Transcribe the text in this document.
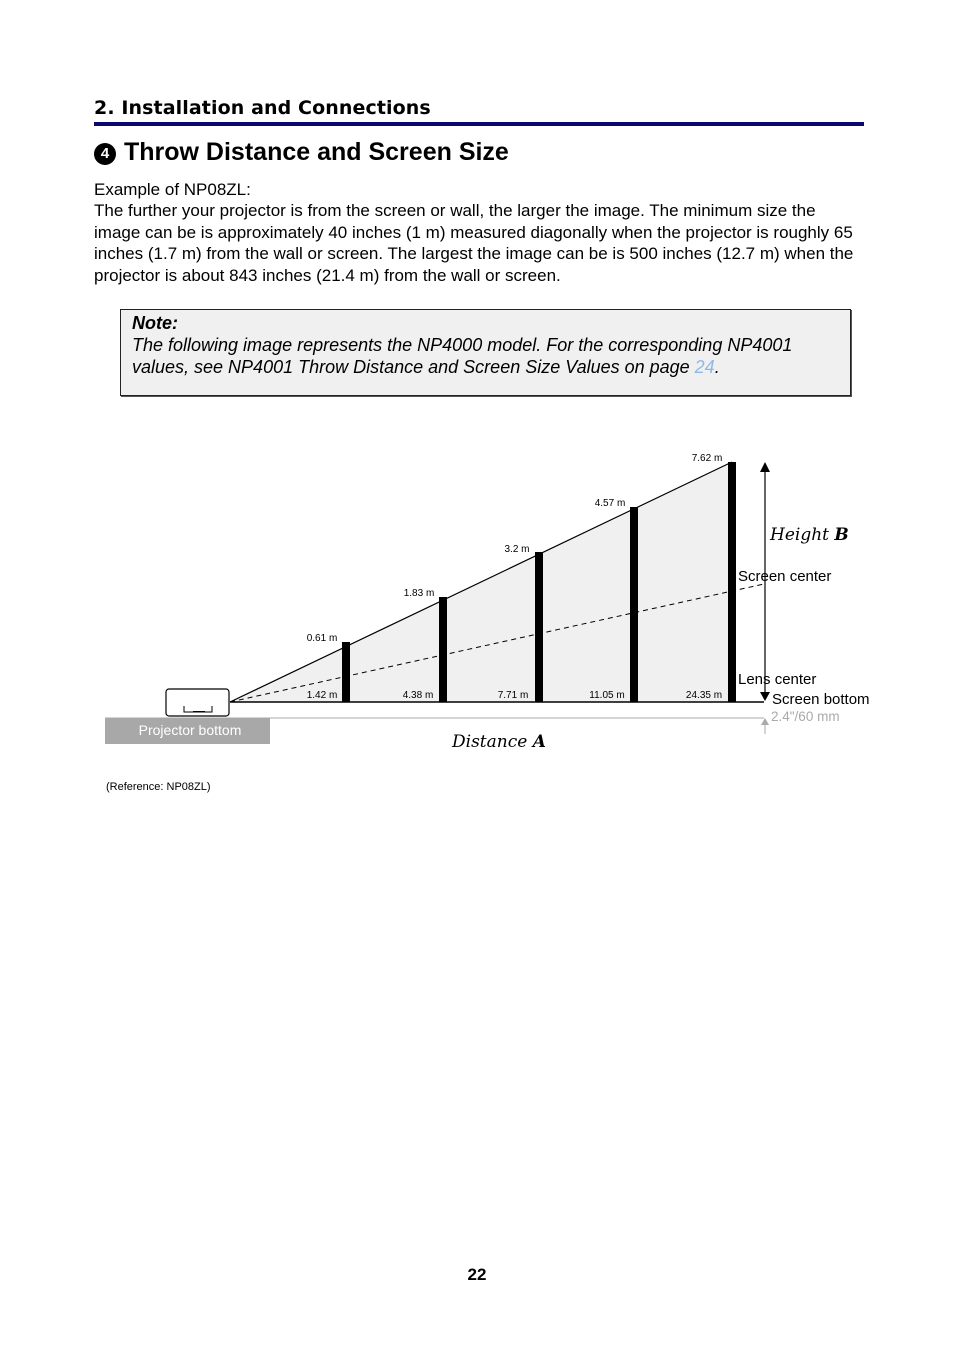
2. Installation and Connections
4 Throw Distance and Screen Size

Example of NP08ZL:

The further your projector is from the screen or wall, the larger the image. The minimum size the image can be is approximately 40 inches (1 m) measured diagonally when the projector is roughly 65 inches (1.7 m) from the wall or screen. The largest the image can be is 500 inches (12.7 m) when the projector is about 843 inches (21.4 m) from the wall or screen.

Note:
The following image represents the NP4000 model. For the corresponding NP4001 values, see NP4001 Throw Distance and Screen Size Values on page 24.
0.61 m
1.83 m
3.2 m
4.57 m
7.62 m
1.42 m	4.38 m	7.71 m	11.05 m	24.35 m
Projector bottom
Height B
Screen center
Lens center
Screen bottom
2.4"/60 mm
Distance A
(Reference: NP08ZL)
22
